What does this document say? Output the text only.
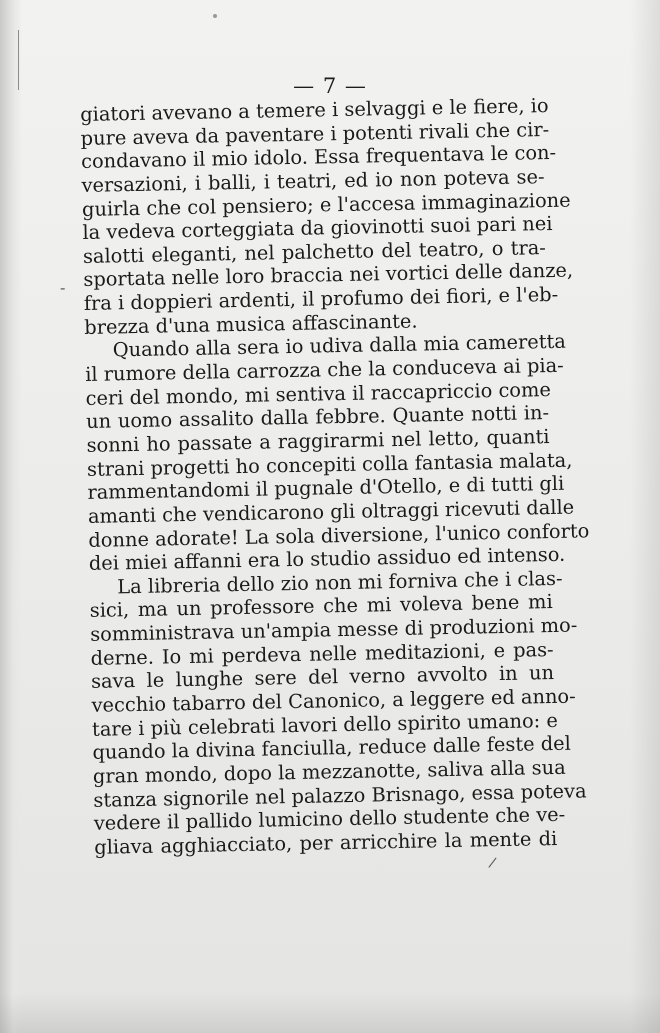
— 7 —
-
/
giatori avevano a temere i selvaggi e le fiere, io
pure aveva da paventare i potenti rivali che cir-
condavano il mio idolo. Essa frequentava le con-
versazioni, i balli, i teatri, ed io non poteva se-
guirla che col pensiero; e l'accesa immaginazione
la vedeva corteggiata da giovinotti suoi pari nei
salotti eleganti, nel palchetto del teatro, o tra-
sportata nelle loro braccia nei vortici delle danze,
fra i doppieri ardenti, il profumo dei fiori, e l'eb-
brezza d'una musica affascinante.
Quando alla sera io udiva dalla mia cameretta
il rumore della carrozza che la conduceva ai pia-
ceri del mondo, mi sentiva il raccapriccio come
un uomo assalito dalla febbre. Quante notti in-
sonni ho passate a raggirarmi nel letto, quanti
strani progetti ho concepiti colla fantasia malata,
rammentandomi il pugnale d'Otello, e di tutti gli
amanti che vendicarono gli oltraggi ricevuti dalle
donne adorate! La sola diversione, l'unico conforto
dei miei affanni era lo studio assiduo ed intenso.
La libreria dello zio non mi forniva che i clas-
sici, ma un professore che mi voleva bene mi
somministrava un'ampia messe di produzioni mo-
derne. Io mi perdeva nelle meditazioni, e pas-
sava le lunghe sere del verno avvolto in un
vecchio tabarro del Canonico, a leggere ed anno-
tare i più celebrati lavori dello spirito umano: e
quando la divina fanciulla, reduce dalle feste del
gran mondo, dopo la mezzanotte, saliva alla sua
stanza signorile nel palazzo Brisnago, essa poteva
vedere il pallido lumicino dello studente che ve-
gliava agghiacciato, per arricchire la mente di
